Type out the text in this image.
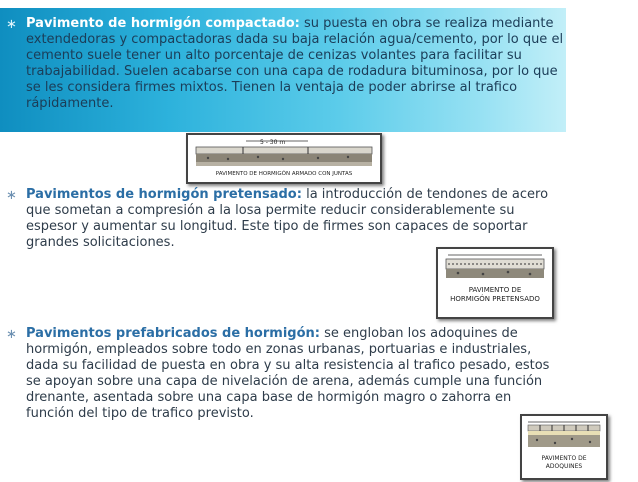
∗ Pavimento de hormigón compactado: su puesta en obra se realiza mediante extendedoras y compactadoras dada su baja relación agua/cemento, por lo que el cemento suele tener un alto porcentaje de cenizas volantes para facilitar su trabajabilidad. Suelen acabarse con una capa de rodadura bituminosa, por lo que se les considera firmes mixtos. Tienen la ventaja de poder abrirse al trafico rápidamente.
5 - 30 m
PAVIMENTO DE HORMIGÓN ARMADO CON JUNTAS
∗ Pavimentos de hormigón pretensado: la introducción de tendones de acero que sometan a compresión a la losa permite reducir considerablemente su espesor y aumentar su longitud. Este tipo de firmes son capaces de soportar grandes solicitaciones.
PAVIMENTO DE
HORMIGÓN PRETENSADO
∗ Pavimentos prefabricados de hormigón: se engloban los adoquines de hormigón, empleados sobre todo en zonas urbanas, portuarias e industriales, dada su facilidad de puesta en obra y su alta resistencia al trafico pesado, estos se apoyan sobre una capa de nivelación de arena, además cumple una función drenante, asentada sobre una capa base de hormigón magro o zahorra en función del tipo de trafico previsto.
PAVIMENTO DE
ADOQUINES
